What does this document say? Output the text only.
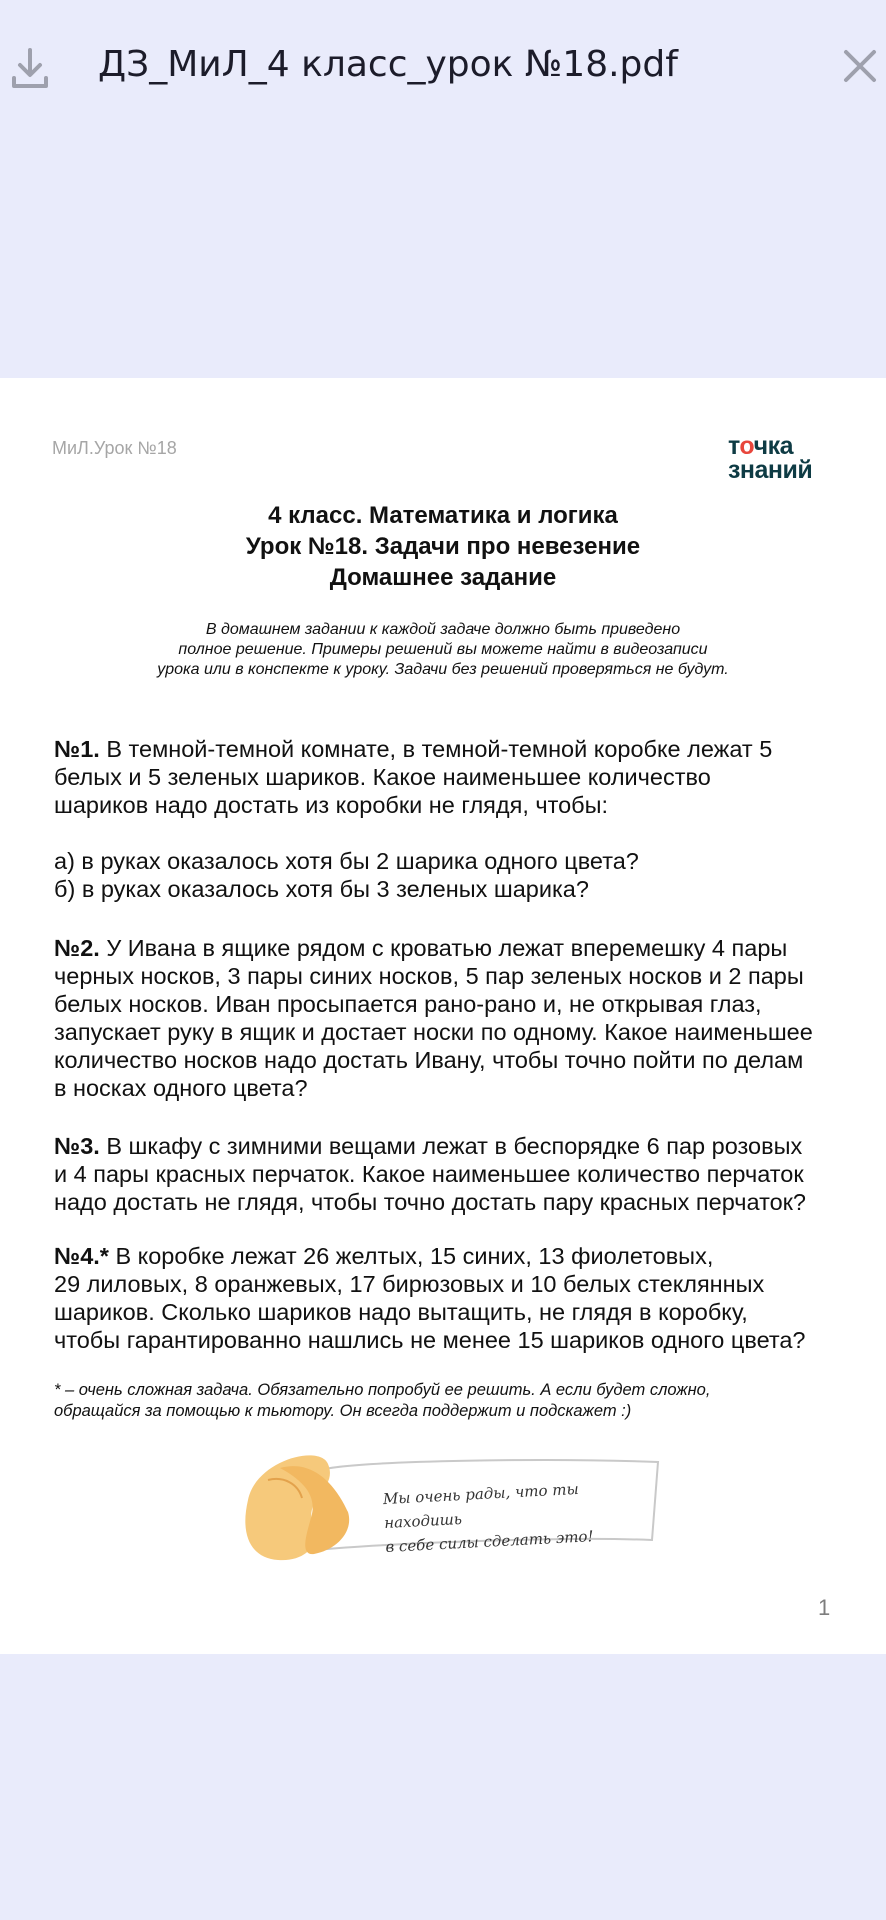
ДЗ_МиЛ_4 класс_урок №18.pdf
МиЛ.Урок №18	точка
знаний
4 класс. Математика и логика
Урок №18. Задачи про невезение
Домашнее задание
В домашнем задании к каждой задаче должно быть приведено
полное решение. Примеры решений вы можете найти в видеозаписи
урока или в конспекте к уроку. Задачи без решений проверяться не будут.
№1. В темной-темной комнате, в темной-темной коробке лежат 5
белых и 5 зеленых шариков. Какое наименьшее количество
шариков надо достать из коробки не глядя, чтобы:
а) в руках оказалось хотя бы 2 шарика одного цвета?
б) в руках оказалось хотя бы 3 зеленых шарика?
№2. У Ивана в ящике рядом с кроватью лежат вперемешку 4 пары
черных носков, 3 пары синих носков, 5 пар зеленых носков и 2 пары
белых носков. Иван просыпается рано-рано и, не открывая глаз,
запускает руку в ящик и достает носки по одному. Какое наименьшее
количество носков надо достать Ивану, чтобы точно пойти по делам
в носках одного цвета?
№3. В шкафу с зимними вещами лежат в беспорядке 6 пар розовых
и 4 пары красных перчаток. Какое наименьшее количество перчаток
надо достать не глядя, чтобы точно достать пару красных перчаток?
№4.* В коробке лежат 26 желтых, 15 синих, 13 фиолетовых,
29 лиловых, 8 оранжевых, 17 бирюзовых и 10 белых стеклянных
шариков. Сколько шариков надо вытащить, не глядя в коробку,
чтобы гарантированно нашлись не менее 15 шариков одного цвета?
* – очень сложная задача. Обязательно попробуй ее решить. А если будет сложно,
обращайся за помощью к тьютору. Он всегда поддержит и подскажет :)
Мы очень рады, что ты находишь
в себе силы сделать это!
1
